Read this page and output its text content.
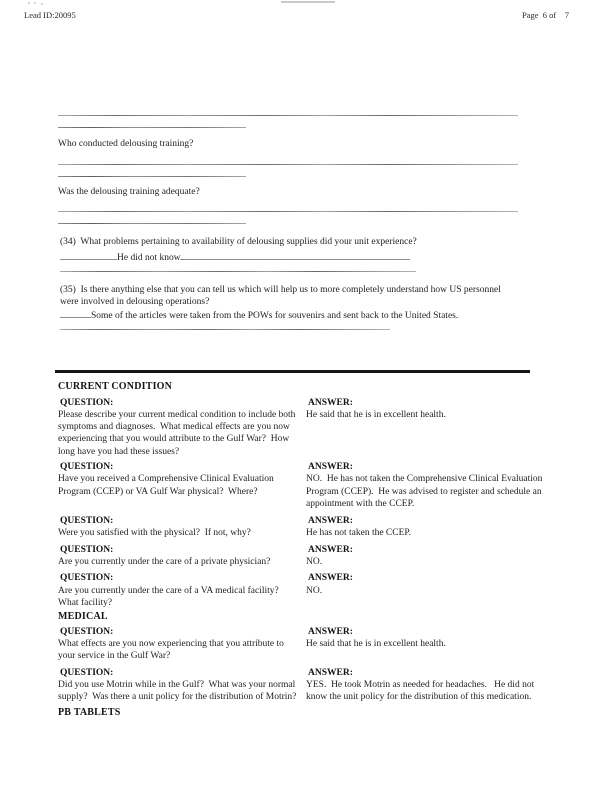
Lead ID:20095	Page  6 of    7
Who conducted delousing training?
Was the delousing training adequate?
(34)  What problems pertaining to availability of delousing supplies did your unit experience?
He did not know.
(35)  Is there anything else that you can tell us which will help us to more completely understand how US personnel were involved in delousing operations?
Some of the articles were taken from the POWs for souvenirs and sent back to the United States.
CURRENT CONDITION
QUESTION:
Please describe your current medical condition to include both symptoms and diagnoses.  What medical effects are you now experiencing that you would attribute to the Gulf War?  How long have you had these issues?
ANSWER:
He said that he is in excellent health.
QUESTION:
Have you received a Comprehensive Clinical Evaluation Program (CCEP) or VA Gulf War physical?  Where?
ANSWER:
NO.  He has not taken the Comprehensive Clinical Evaluation Program (CCEP).  He was advised to register and schedule an appointment with the CCEP.
QUESTION:
Were you satisfied with the physical?  If not, why?
ANSWER:
He has not taken the CCEP.
QUESTION:
Are you currently under the care of a private physician?
ANSWER:
NO.
QUESTION:
Are you currently under the care of a VA medical facility?  What facility?
ANSWER:
NO.
MEDICAL
QUESTION:
What effects are you now experiencing that you attribute to your service in the Gulf War?
ANSWER:
He said that he is in excellent health.
QUESTION:
Did you use Motrin while in the Gulf?  What was your normal supply?  Was there a unit policy for the distribution of Motrin?
ANSWER:
YES.  He took Motrin as needed for headaches.   He did not know the unit policy for the distribution of this medication.
PB TABLETS
